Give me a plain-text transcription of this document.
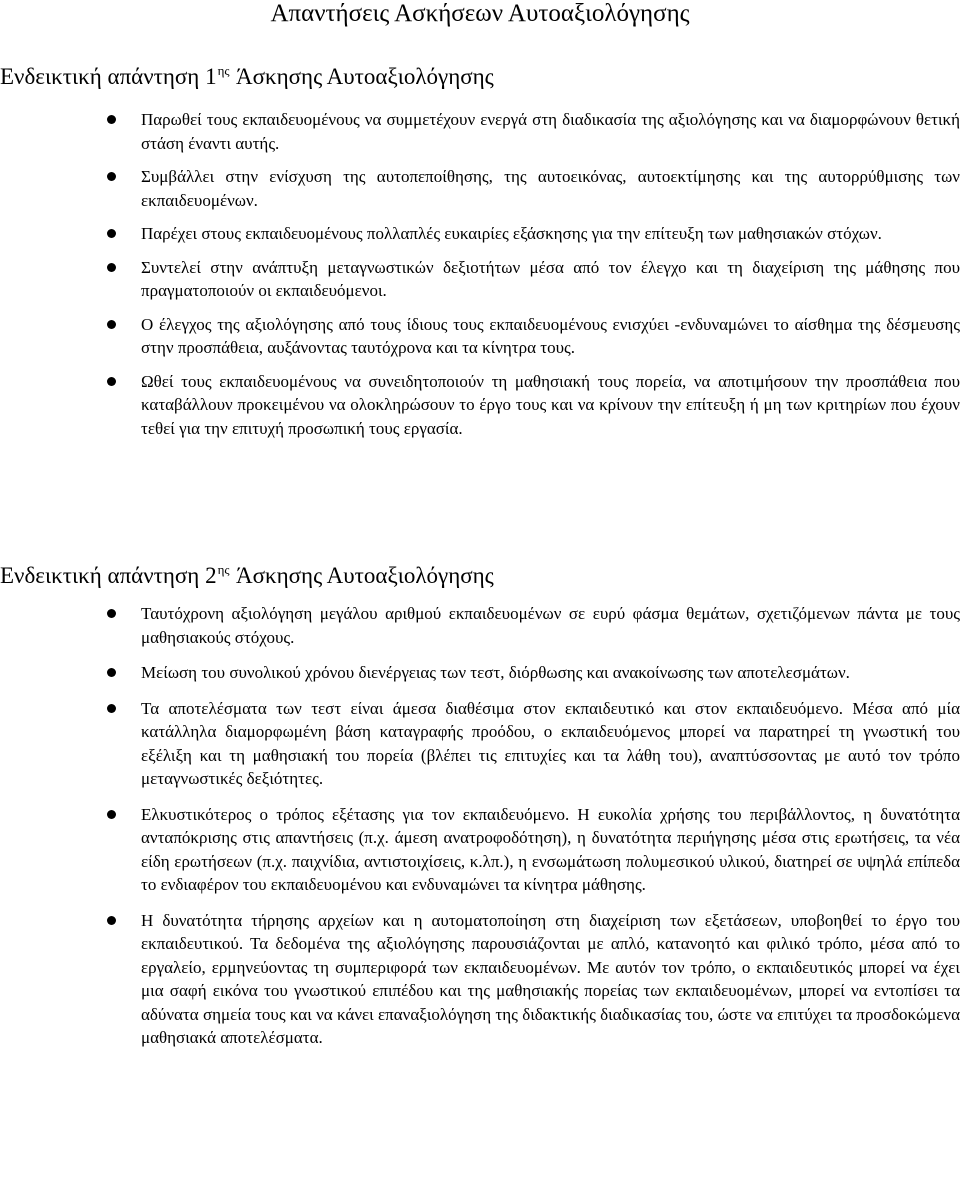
Απαντήσεις Ασκήσεων Αυτοαξιολόγησης
Ενδεικτική απάντηση $1^{\eta\varsigma}$ Άσκησης Αυτοαξιολόγησης
Παρωθεί τους εκπαιδευομένους να συμμετέχουν ενεργά στη διαδικασία της αξιολόγησης και να διαμορφώνουν θετική στάση έναντι αυτής.
Συμβάλλει στην ενίσχυση της αυτοπεποίθησης, της αυτοεικόνας, αυτοεκτίμησης και της αυτορρύθμισης των εκπαιδευομένων.
Παρέχει στους εκπαιδευομένους πολλαπλές ευκαιρίες εξάσκησης για την επίτευξη των μαθησιακών στόχων.
Συντελεί στην ανάπτυξη μεταγνωστικών δεξιοτήτων μέσα από τον έλεγχο και τη διαχείριση της μάθησης που πραγματοποιούν οι εκπαιδευόμενοι.
Ο έλεγχος της αξιολόγησης από τους ίδιους τους εκπαιδευομένους ενισχύει -ενδυναμώνει το αίσθημα της δέσμευσης στην προσπάθεια, αυξάνοντας ταυτόχρονα και τα κίνητρα τους.
Ωθεί τους εκπαιδευομένους να συνειδητοποιούν τη μαθησιακή τους πορεία, να αποτιμήσουν την προσπάθεια που καταβάλλουν προκειμένου να ολοκληρώσουν το έργο τους και να κρίνουν την επίτευξη ή μη των κριτηρίων που έχουν τεθεί για την επιτυχή προσωπική τους εργασία.
Ενδεικτική απάντηση $2^{\eta\varsigma}$ Άσκησης Αυτοαξιολόγησης
Ταυτόχρονη αξιολόγηση μεγάλου αριθμού εκπαιδευομένων σε ευρύ φάσμα θεμάτων, σχετιζόμενων πάντα με τους μαθησιακούς στόχους.
Μείωση του συνολικού χρόνου διενέργειας των τεστ, διόρθωσης και ανακοίνωσης των αποτελεσμάτων.
Τα αποτελέσματα των τεστ είναι άμεσα διαθέσιμα στον εκπαιδευτικό και στον εκπαιδευόμενο. Μέσα από μία κατάλληλα διαμορφωμένη βάση καταγραφής προόδου, ο εκπαιδευόμενος μπορεί να παρατηρεί τη γνωστική του εξέλιξη και τη μαθησιακή του πορεία (βλέπει τις επιτυχίες και τα λάθη του), αναπτύσσοντας με αυτό τον τρόπο μεταγνωστικές δεξιότητες.
Ελκυστικότερος ο τρόπος εξέτασης για τον εκπαιδευόμενο. Η ευκολία χρήσης του περιβάλλοντος, η δυνατότητα ανταπόκρισης στις απαντήσεις (π.χ. άμεση ανατροφοδότηση), η δυνατότητα περιήγησης μέσα στις ερωτήσεις, τα νέα είδη ερωτήσεων (π.χ. παιχνίδια, αντιστοιχίσεις, κ.λπ.), η ενσωμάτωση πολυμεσικού υλικού, διατηρεί σε υψηλά επίπεδα το ενδιαφέρον του εκπαιδευομένου και ενδυναμώνει τα κίνητρα μάθησης.
Η δυνατότητα τήρησης αρχείων και η αυτοματοποίηση στη διαχείριση των εξετάσεων, υποβοηθεί το έργο του εκπαιδευτικού. Τα δεδομένα της αξιολόγησης παρουσιάζονται με απλό, κατανοητό και φιλικό τρόπο, μέσα από το εργαλείο, ερμηνεύοντας τη συμπεριφορά των εκπαιδευομένων. Με αυτόν τον τρόπο, ο εκπαιδευτικός μπορεί να έχει μια σαφή εικόνα του γνωστικού επιπέδου και της μαθησιακής πορείας των εκπαιδευομένων, μπορεί να εντοπίσει τα αδύνατα σημεία τους και να κάνει επαναξιολόγηση της διδακτικής διαδικασίας του, ώστε να επιτύχει τα προσδοκώμενα μαθησιακά αποτελέσματα.
